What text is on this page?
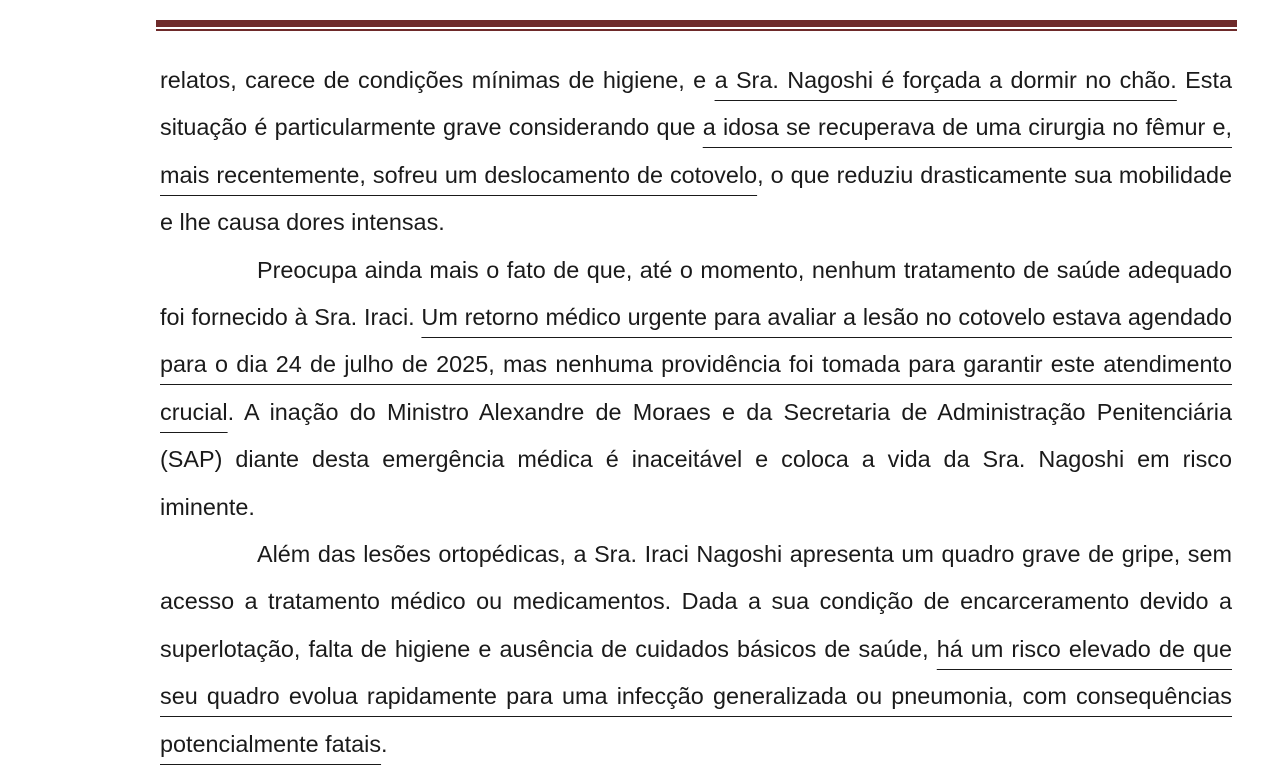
relatos, carece de condições mínimas de higiene, e a Sra. Nagoshi é forçada a dormir no chão. Esta situação é particularmente grave considerando que a idosa se recuperava de uma cirurgia no fêmur e, mais recentemente, sofreu um deslocamento de cotovelo, o que reduziu drasticamente sua mobilidade e lhe causa dores intensas.

Preocupa ainda mais o fato de que, até o momento, nenhum tratamento de saúde adequado foi fornecido à Sra. Iraci. Um retorno médico urgente para avaliar a lesão no cotovelo estava agendado para o dia 24 de julho de 2025, mas nenhuma providência foi tomada para garantir este atendimento crucial. A inação do Ministro Alexandre de Moraes e da Secretaria de Administração Penitenciária (SAP) diante desta emergência médica é inaceitável e coloca a vida da Sra. Nagoshi em risco iminente.

Além das lesões ortopédicas, a Sra. Iraci Nagoshi apresenta um quadro grave de gripe, sem acesso a tratamento médico ou medicamentos. Dada a sua condição de encarceramento devido a superlotação, falta de higiene e ausência de cuidados básicos de saúde, há um risco elevado de que seu quadro evolua rapidamente para uma infecção generalizada ou pneumonia, com consequências potencialmente fatais.
